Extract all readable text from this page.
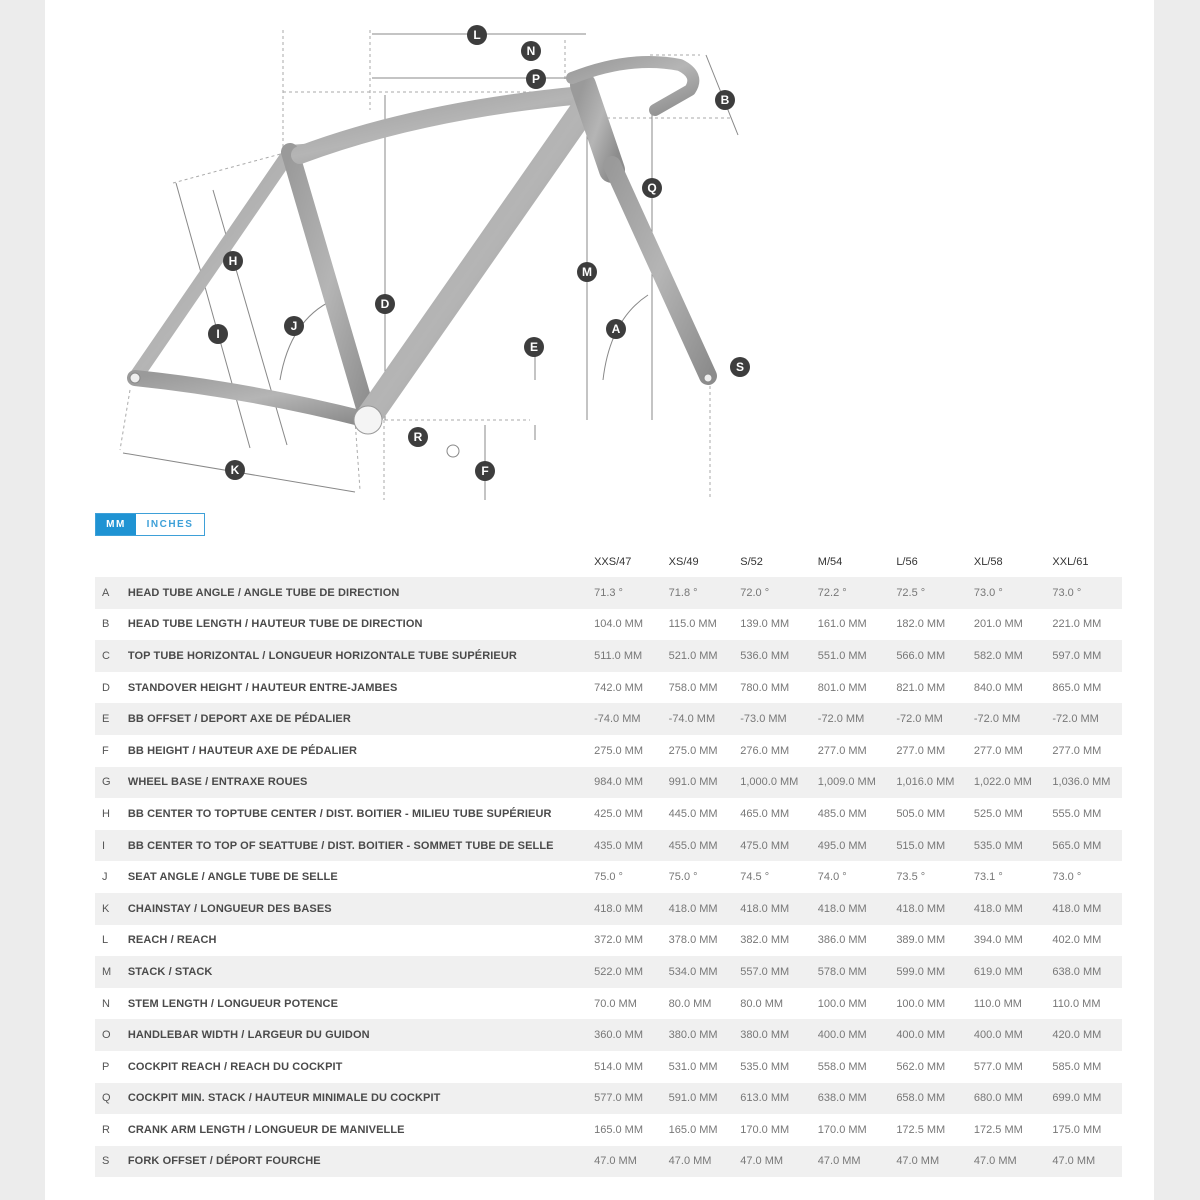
L
N
P
B
Q
M
D
H
I
J	A
E
S
R
F
K
MM	INCHES
XXS/47	XS/49	S/52	M/54	L/56	XL/58	XXL/61
A	HEAD TUBE ANGLE / ANGLE TUBE DE DIRECTION	71.3 °	71.8 °	72.0 °	72.2 °	72.5 °	73.0 °	73.0 °
B	HEAD TUBE LENGTH / HAUTEUR TUBE DE DIRECTION	104.0 MM	115.0 MM	139.0 MM	161.0 MM	182.0 MM	201.0 MM	221.0 MM
C	TOP TUBE HORIZONTAL / LONGUEUR HORIZONTALE TUBE SUPÉRIEUR	511.0 MM	521.0 MM	536.0 MM	551.0 MM	566.0 MM	582.0 MM	597.0 MM
D	STANDOVER HEIGHT / HAUTEUR ENTRE-JAMBES	742.0 MM	758.0 MM	780.0 MM	801.0 MM	821.0 MM	840.0 MM	865.0 MM
E	BB OFFSET / DEPORT AXE DE PÉDALIER	-74.0 MM	-74.0 MM	-73.0 MM	-72.0 MM	-72.0 MM	-72.0 MM	-72.0 MM
F	BB HEIGHT / HAUTEUR AXE DE PÉDALIER	275.0 MM	275.0 MM	276.0 MM	277.0 MM	277.0 MM	277.0 MM	277.0 MM
G	WHEEL BASE / ENTRAXE ROUES	984.0 MM	991.0 MM	1,000.0 MM	1,009.0 MM	1,016.0 MM	1,022.0 MM	1,036.0 MM
H	BB CENTER TO TOPTUBE CENTER / DIST. BOITIER - MILIEU TUBE SUPÉRIEUR	425.0 MM	445.0 MM	465.0 MM	485.0 MM	505.0 MM	525.0 MM	555.0 MM
I	BB CENTER TO TOP OF SEATTUBE / DIST. BOITIER - SOMMET TUBE DE SELLE	435.0 MM	455.0 MM	475.0 MM	495.0 MM	515.0 MM	535.0 MM	565.0 MM
J	SEAT ANGLE / ANGLE TUBE DE SELLE	75.0 °	75.0 °	74.5 °	74.0 °	73.5 °	73.1 °	73.0 °
K	CHAINSTAY / LONGUEUR DES BASES	418.0 MM	418.0 MM	418.0 MM	418.0 MM	418.0 MM	418.0 MM	418.0 MM
L	REACH / REACH	372.0 MM	378.0 MM	382.0 MM	386.0 MM	389.0 MM	394.0 MM	402.0 MM
M	STACK / STACK	522.0 MM	534.0 MM	557.0 MM	578.0 MM	599.0 MM	619.0 MM	638.0 MM
N	STEM LENGTH / LONGUEUR POTENCE	70.0 MM	80.0 MM	80.0 MM	100.0 MM	100.0 MM	110.0 MM	110.0 MM
O	HANDLEBAR WIDTH / LARGEUR DU GUIDON	360.0 MM	380.0 MM	380.0 MM	400.0 MM	400.0 MM	400.0 MM	420.0 MM
P	COCKPIT REACH / REACH DU COCKPIT	514.0 MM	531.0 MM	535.0 MM	558.0 MM	562.0 MM	577.0 MM	585.0 MM
Q	COCKPIT MIN. STACK / HAUTEUR MINIMALE DU COCKPIT	577.0 MM	591.0 MM	613.0 MM	638.0 MM	658.0 MM	680.0 MM	699.0 MM
R	CRANK ARM LENGTH / LONGUEUR DE MANIVELLE	165.0 MM	165.0 MM	170.0 MM	170.0 MM	172.5 MM	172.5 MM	175.0 MM
S	FORK OFFSET / DÉPORT FOURCHE	47.0 MM	47.0 MM	47.0 MM	47.0 MM	47.0 MM	47.0 MM	47.0 MM
